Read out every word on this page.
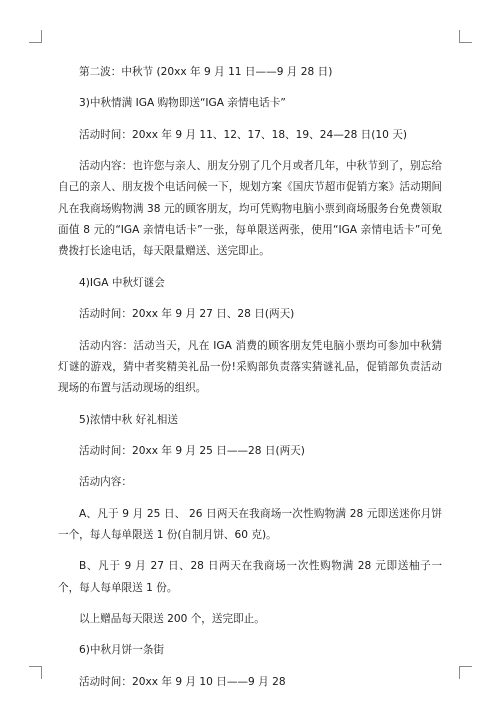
第二波：中秋节 (20xx 年 9 月 11 日——9 月 28 日)

3)中秋情满 IGA 购物即送“IGA 亲情电话卡”

活动时间：20xx 年 9 月 11、12、17、18、19、24—28 日(10 天)

活动内容：也许您与亲人、朋友分别了几个月或者几年，中秋节到了，别忘给自己的亲人、朋友拨个电话问候一下，规划方案《国庆节超市促销方案》活动期间凡在我商场购物满 38 元的顾客朋友，均可凭购物电脑小票到商场服务台免费领取面值 8 元的“IGA 亲情电话卡”一张，每单限送两张，使用“IGA 亲情电话卡”可免费拨打长途电话，每天限量赠送、送完即止。

4)IGA 中秋灯谜会

活动时间：20xx 年 9 月 27 日、28 日(两天)

活动内容：活动当天，凡在 IGA 消费的顾客朋友凭电脑小票均可参加中秋猜灯谜的游戏，猜中者奖精美礼品一份!采购部负责落实猜谜礼品，促销部负责活动现场的布置与活动现场的组织。

5)浓情中秋 好礼相送

活动时间：20xx 年 9 月 25 日——28 日(两天)

活动内容：

A、凡于 9 月 25 日、 26 日两天在我商场一次性购物满 28 元即送迷你月饼一个，每人每单限送 1 份(自制月饼、60 克)。

B、凡于 9 月 27 日、28 日两天在我商场一次性购物满 28 元即送柚子一个，每人每单限送 1 份。

以上赠品每天限送 200 个，送完即止。

6)中秋月饼一条街

活动时间：20xx 年 9 月 10 日——9 月 28
